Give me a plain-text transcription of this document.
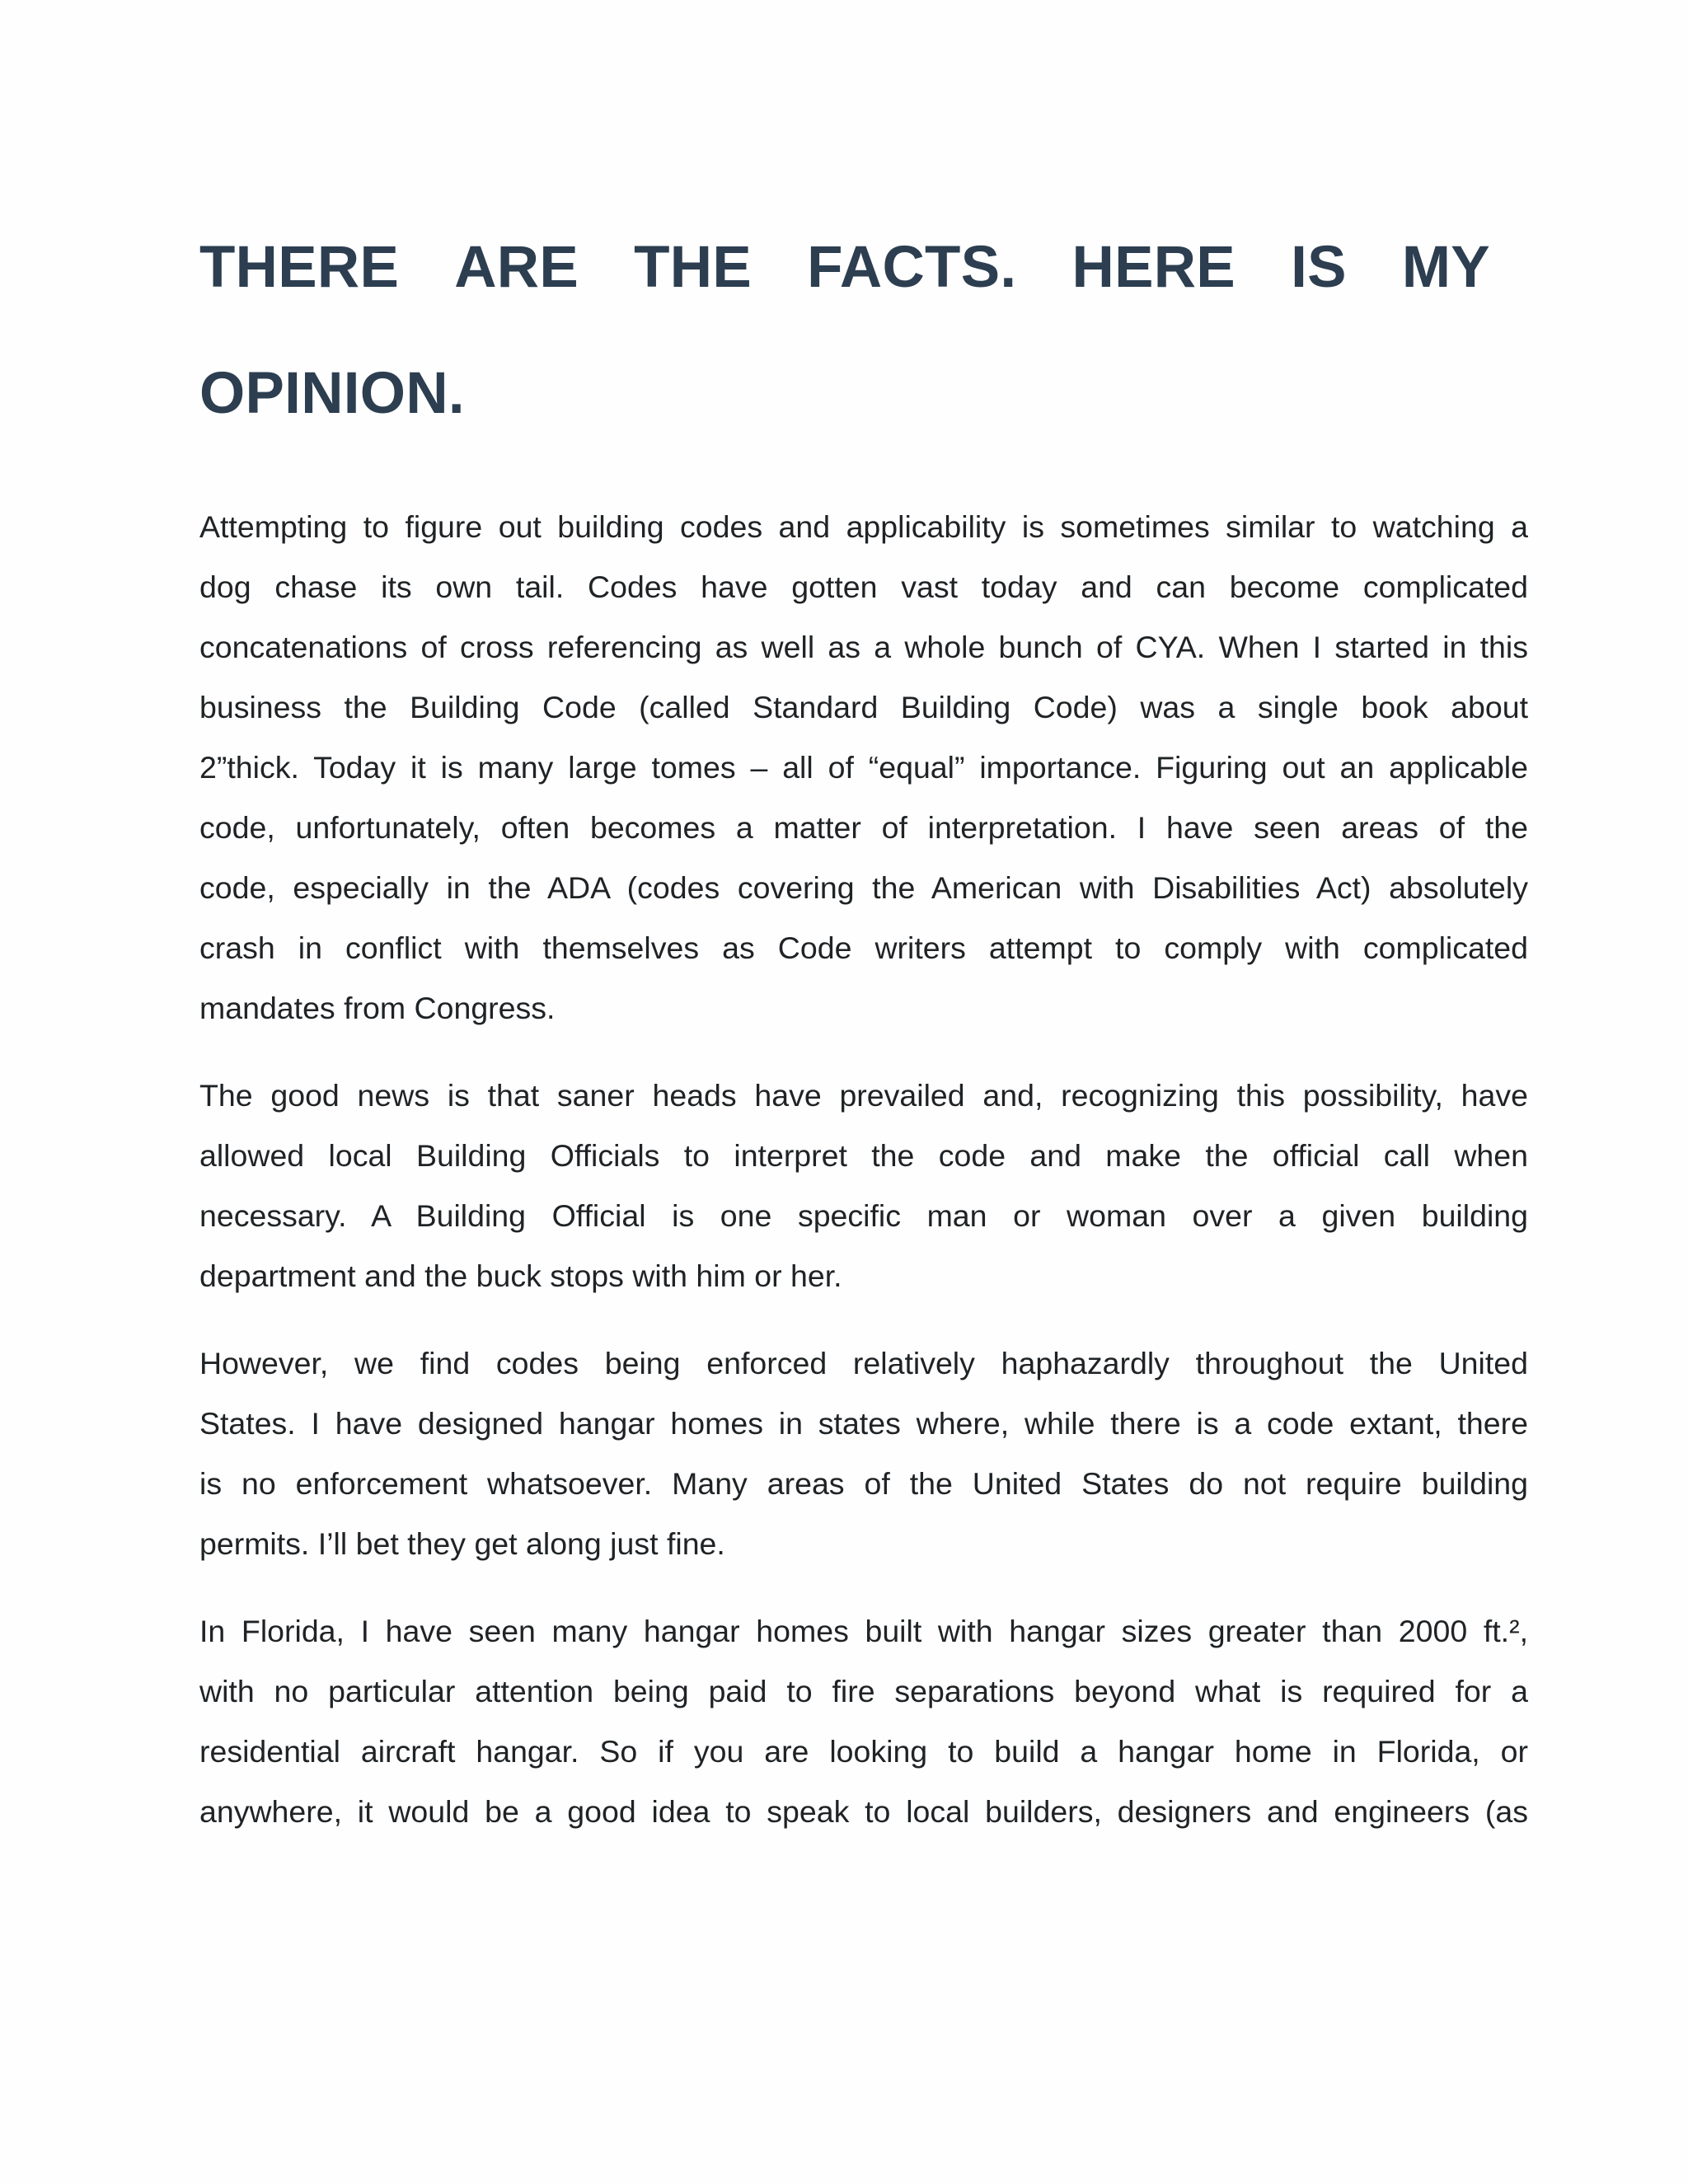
THERE ARE THE FACTS. HERE IS MY
OPINION.

Attempting to figure out building codes and applicability is sometimes similar to watching a
dog chase its own tail. Codes have gotten vast today and can become complicated
concatenations of cross referencing as well as a whole bunch of CYA. When I started in this
business the Building Code (called Standard Building Code) was a single book about
2”thick. Today it is many large tomes – all of “equal” importance. Figuring out an applicable
code, unfortunately, often becomes a matter of interpretation. I have seen areas of the
code, especially in the ADA (codes covering the American with Disabilities Act) absolutely
crash in conflict with themselves as Code writers attempt to comply with complicated
mandates from Congress.

The good news is that saner heads have prevailed and, recognizing this possibility, have
allowed local Building Officials to interpret the code and make the official call when
necessary. A Building Official is one specific man or woman over a given building
department and the buck stops with him or her.

However, we find codes being enforced relatively haphazardly throughout the United
States. I have designed hangar homes in states where, while there is a code extant, there
is no enforcement whatsoever. Many areas of the United States do not require building
permits. I’ll bet they get along just fine.

In Florida, I have seen many hangar homes built with hangar sizes greater than 2000 ft.²,
with no particular attention being paid to fire separations beyond what is required for a
residential aircraft hangar. So if you are looking to build a hangar home in Florida, or
anywhere, it would be a good idea to speak to local builders, designers and engineers (as
